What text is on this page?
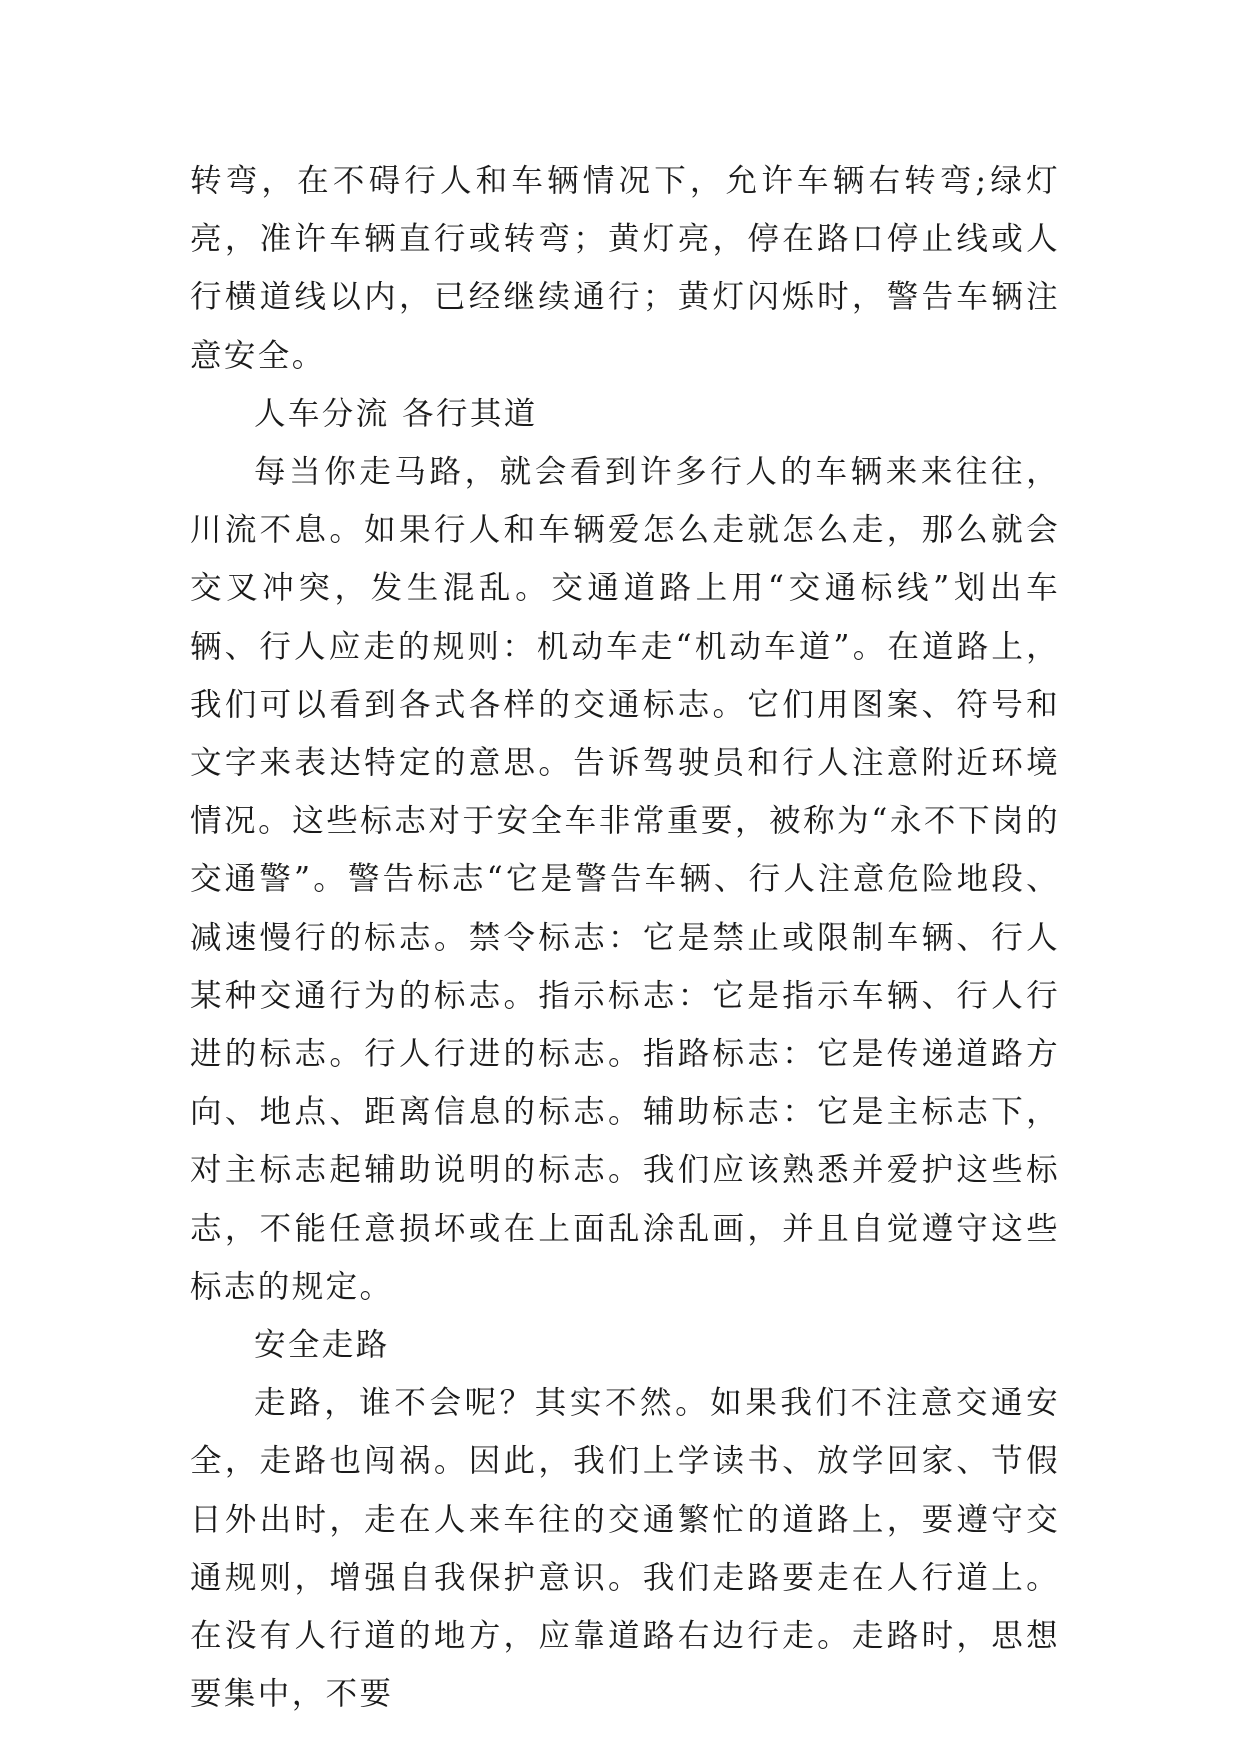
转弯，在不碍行人和车辆情况下，允许车辆右转弯;绿灯亮，准许车辆直行或转弯；黄灯亮，停在路口停止线或人行横道线以内，已经继续通行；黄灯闪烁时，警告车辆注意安全。

人车分流 各行其道

每当你走马路，就会看到许多行人的车辆来来往往，川流不息。如果行人和车辆爱怎么走就怎么走，那么就会交叉冲突，发生混乱。交通道路上用“交通标线”划出车辆、行人应走的规则：机动车走“机动车道”。在道路上，我们可以看到各式各样的交通标志。它们用图案、符号和文字来表达特定的意思。告诉驾驶员和行人注意附近环境情况。这些标志对于安全车非常重要，被称为“永不下岗的交通警”。警告标志“它是警告车辆、行人注意危险地段、减速慢行的标志。禁令标志：它是禁止或限制车辆、行人某种交通行为的标志。指示标志：它是指示车辆、行人行进的标志。行人行进的标志。指路标志：它是传递道路方向、地点、距离信息的标志。辅助标志：它是主标志下，对主标志起辅助说明的标志。我们应该熟悉并爱护这些标志，不能任意损坏或在上面乱涂乱画，并且自觉遵守这些标志的规定。

安全走路

走路，谁不会呢？其实不然。如果我们不注意交通安全，走路也闯祸。因此，我们上学读书、放学回家、节假日外出时，走在人来车往的交通繁忙的道路上，要遵守交通规则，增强自我保护意识。我们走路要走在人行道上。在没有人行道的地方，应靠道路右边行走。走路时，思想要集中，不要
